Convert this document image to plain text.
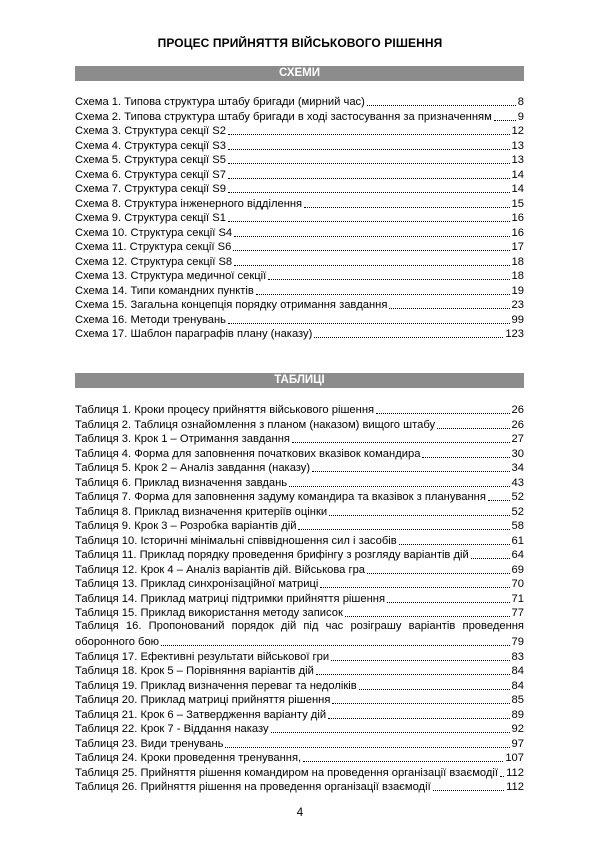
ПРОЦЕС ПРИЙНЯТТЯ ВІЙСЬКОВОГО РІШЕННЯ
СХЕМИ
Схема 1. Типова структура штабу бригади (мирний час)	8
Схема 2. Типова структура штабу бригади в ході застосування за призначенням 9
Схема 3. Структура секції S2	12
Схема 4. Структура секції S3	13
Схема 5. Структура секції S5	13
Схема 6. Структура секції S7	14
Схема 7. Структура секції S9	14
Схема 8. Структура інженерного відділення	15
Схема 9. Структура секції S1	16
Схема 10. Структура секції S4	16
Схема 11. Структура секції S6	17
Схема 12. Структура секції S8	18
Схема 13. Структура медичної секції	18
Схема 14. Типи командних пунктів	19
Схема 15. Загальна концепція порядку отримання завдання	23
Схема 16. Методи тренувань	99
Схема 17. Шаблон параграфів плану (наказу)	123
ТАБЛИЦІ
Таблиця 1. Кроки процесу прийняття військового рішення	26
Таблиця 2. Таблиця ознайомлення з планом (наказом) вищого штабу	26
Таблиця 3. Крок 1 – Отримання завдання	27
Таблиця 4. Форма для заповнення початкових вказівок командира	30
Таблиця 5. Крок 2 – Аналіз завдання (наказу)	34
Таблиця 6. Приклад визначення завдань	43
Таблиця 7. Форма для заповнення задуму командира та вказівок з планування 52
Таблиця 8. Приклад визначення критеріїв оцінки	52
Таблиця 9. Крок 3 – Розробка варіантів дій	58
Таблиця 10. Історичні мінімальні співвідношення сил і засобів	61
Таблиця 11. Приклад порядку проведення брифінгу з розгляду варіантів дій	64
Таблиця 12. Крок 4 – Аналіз варіантів дій. Військова гра	69
Таблиця 13. Приклад синхронізаційної матриці	70
Таблиця 14. Приклад матриці підтримки прийняття рішення	71
Таблиця 15. Приклад використання методу записок	77
Таблиця 16. Пропонований порядок дій під час розіграшу варіантів проведення
оборонного бою	79
Таблиця 17. Ефективні результати військової гри	83
Таблиця 18. Крок 5 – Порівняння варіантів дій	84
Таблиця 19. Приклад визначення переваг та недоліків	84
Таблиця 20. Приклад матриці прийняття рішення	85
Таблиця 21. Крок 6 – Затвердження варіанту дій	89
Таблиця 22. Крок 7 - Віддання наказу	92
Таблиця 23. Види тренувань	97
Таблиця 24. Кроки проведення тренування,	107
Таблиця 25. Прийняття рішення командиром на проведення організації взаємодії 112
Таблиця 26. Прийняття рішення на проведення організації взаємодії	112
4
